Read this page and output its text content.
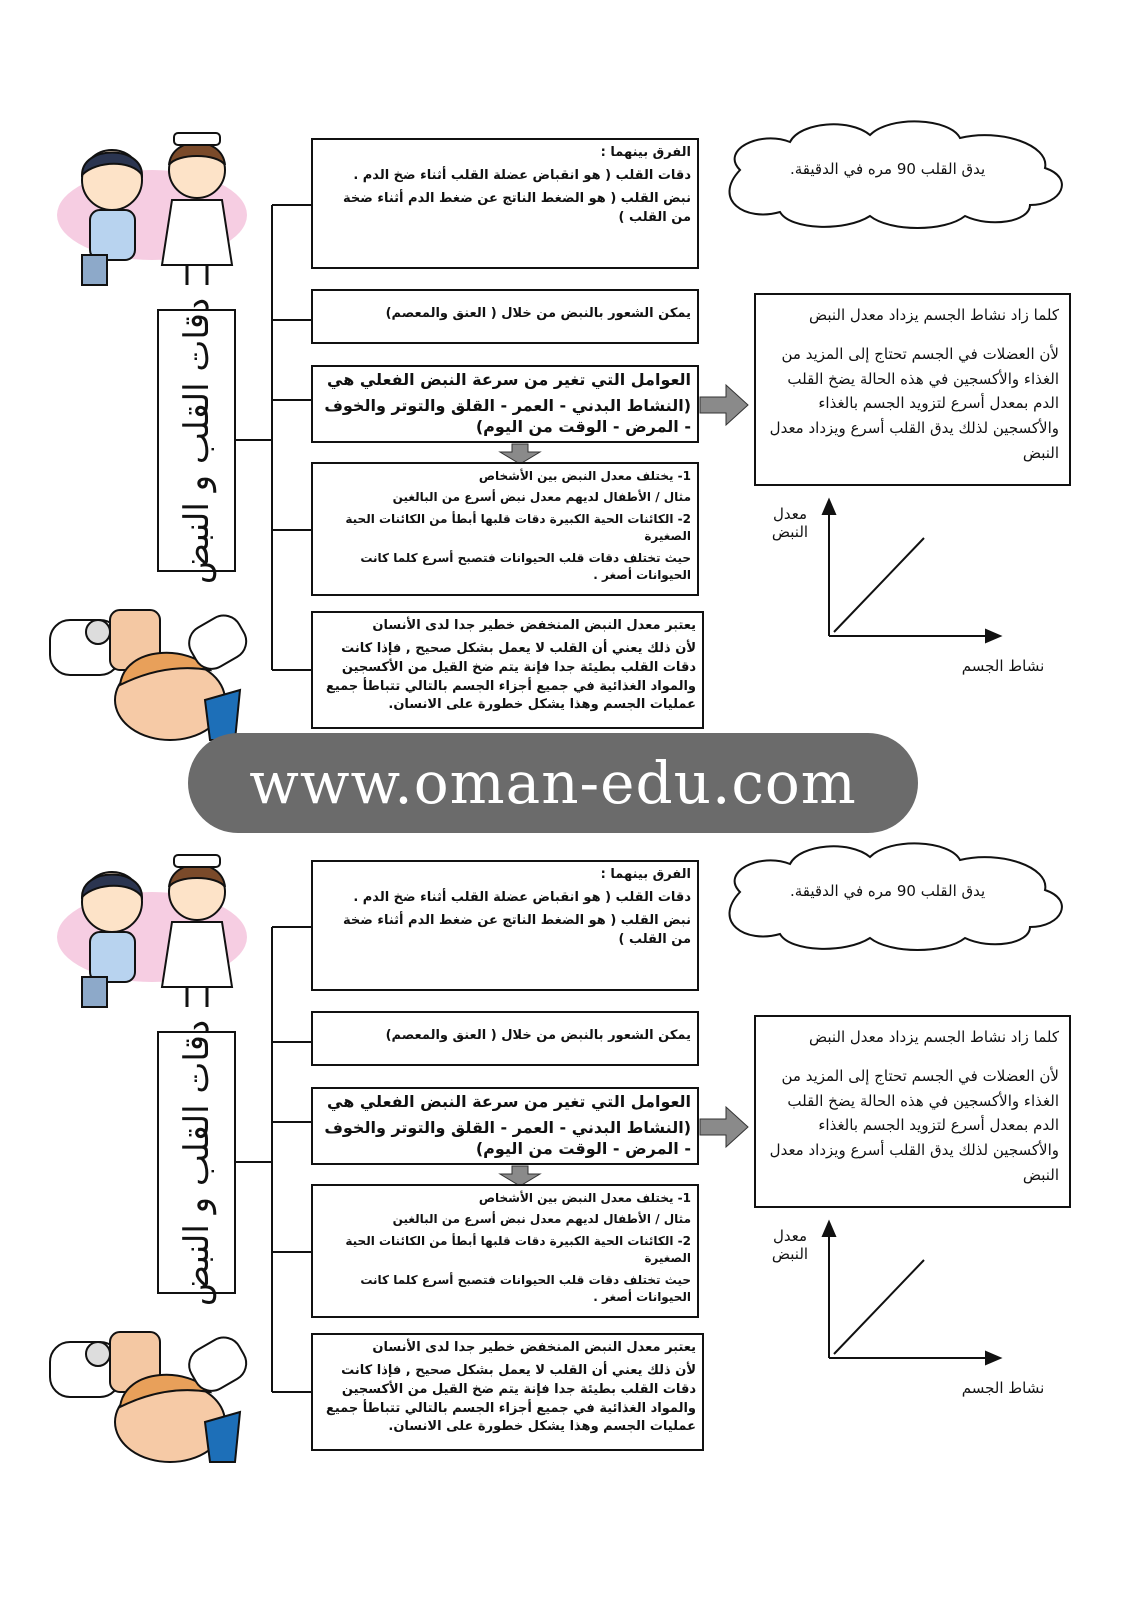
دقات القلب و النبض

الفرق بينهما :

دقات القلب ( هو انقباض عضلة القلب أثناء ضخ الدم .

نبض القلب ( هو الضغط الناتج عن ضغط الدم أثناء ضخة من القلب )

يمكن الشعور بالنبض من خلال ( العنق والمعصم)

العوامل التي تغير من سرعة النبض الفعلي هي

(النشاط البدني - العمر - القلق والتوتر والخوف - المرض - الوقت من اليوم)

1- يختلف معدل النبض بين الأشخاص

مثال / الأطفال لديهم معدل نبض أسرع من البالغين

2- الكائنات الحية الكبيرة دقات قلبها أبطأ من الكائنات الحية الصغيرة

حيث تختلف دقات قلب الحيوانات فتصبح أسرع كلما كانت الحيوانات أصغر .

يعتبر معدل النبض المنخفض خطير جدا لدى الأنسان

لأن ذلك يعني أن القلب لا يعمل بشكل صحيح , فإذا كانت دقات القلب بطيئة جدا فإنة يتم ضخ القيل من الأكسجين والمواد الغذائية في جميع أجزاء الجسم بالتالي تتباطأ جميع عمليات الجسم وهذا يشكل خطورة على الانسان.

يدق القلب 90 مره في الدقيقة.

كلما زاد نشاط الجسم يزداد معدل النبض

لأن العضلات في الجسم تحتاج إلى المزيد من الغذاء والأكسجين في هذه الحالة يضخ القلب الدم بمعدل أسرع لتزويد الجسم بالغذاء والأكسجين لذلك يدق القلب أسرع ويزداد معدل النبض

معدل النبض
نشاط الجسم
www.oman-edu.com
دقات القلب و النبض

الفرق بينهما :

دقات القلب ( هو انقباض عضلة القلب أثناء ضخ الدم .

نبض القلب ( هو الضغط الناتج عن ضغط الدم أثناء ضخة من القلب )

يمكن الشعور بالنبض من خلال ( العنق والمعصم)

العوامل التي تغير من سرعة النبض الفعلي هي

(النشاط البدني - العمر - القلق والتوتر والخوف - المرض - الوقت من اليوم)

1- يختلف معدل النبض بين الأشخاص

مثال / الأطفال لديهم معدل نبض أسرع من البالغين

2- الكائنات الحية الكبيرة دقات قلبها أبطأ من الكائنات الحية الصغيرة

حيث تختلف دقات قلب الحيوانات فتصبح أسرع كلما كانت الحيوانات أصغر .

يعتبر معدل النبض المنخفض خطير جدا لدى الأنسان

لأن ذلك يعني أن القلب لا يعمل بشكل صحيح , فإذا كانت دقات القلب بطيئة جدا فإنة يتم ضخ القيل من الأكسجين والمواد الغذائية في جميع أجزاء الجسم بالتالي تتباطأ جميع عمليات الجسم وهذا يشكل خطورة على الانسان.

يدق القلب 90 مره في الدقيقة.

كلما زاد نشاط الجسم يزداد معدل النبض

لأن العضلات في الجسم تحتاج إلى المزيد من الغذاء والأكسجين في هذه الحالة يضخ القلب الدم بمعدل أسرع لتزويد الجسم بالغذاء والأكسجين لذلك يدق القلب أسرع ويزداد معدل النبض

معدل النبض
نشاط الجسم
